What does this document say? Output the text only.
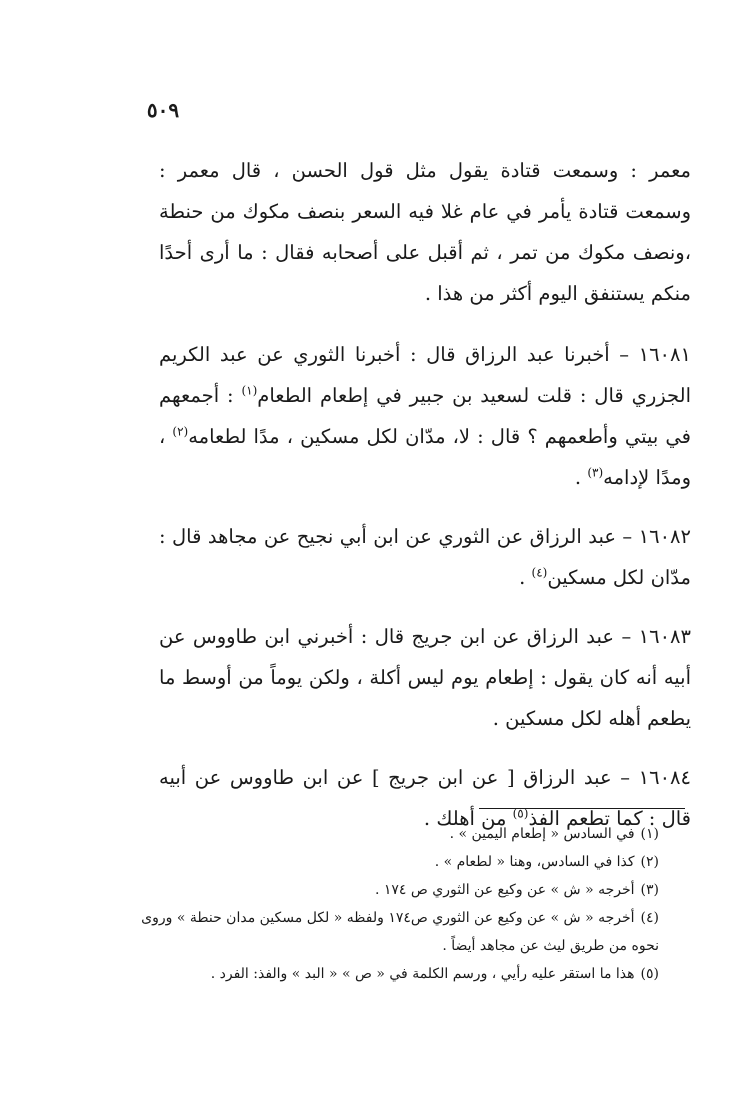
٥٠٩

معمر : وسمعت قتادة يقول مثل قول الحسن ، قال معمر : وسمعت قتادة يأمر في عام غلا فيه السعر بنصف مكوك من حنطة ،ونصف مكوك من تمر ، ثم أقبل على أصحابه فقال : ما أرى أحدًا منكم يستنفق اليوم أكثر من هذا .

١٦٠٨١ – أخبرنا عبد الرزاق قال : أخبرنا الثوري عن عبد الكريم الجزري قال : قلت لسعيد بن جبير في إطعام الطعام$^{(١)}$ : أجمعهم في بيتي وأطعمهم ؟ قال : لا، مدّان لكل مسكين ، مدًا لطعامه$^{(٢)}$ ، ومدًا لإدامه$^{(٣)}$ .

١٦٠٨٢ – عبد الرزاق عن الثوري عن ابن أبي نجيح عن مجاهد قال : مدّان لكل مسكين$^{(٤)}$ .

١٦٠٨٣ – عبد الرزاق عن ابن جريج قال : أخبرني ابن طاووس عن أبيه أنه كان يقول : إطعام يوم ليس أكلة ، ولكن يوماً من أوسط ما يطعم أهله لكل مسكين .

١٦٠٨٤ – عبد الرزاق [ عن ابن جريج ] عن ابن طاووس عن أبيه قال : كما تطعم الفذ$^{(٥)}$ من أهلك .

(١)في السادس « إطعام اليمين » .

(٢)كذا في السادس، وهنا « لطعام » .

(٣)أخرجه « ش » عن وكيع عن الثوري ص ١٧٤ .

(٤)أخرجه « ش » عن وكيع عن الثوري ص١٧٤ ولفظه « لكل مسكين مدان حنطة » وروى نحوه من طريق ليث عن مجاهد أيضاً .

(٥)هذا ما استقر عليه رأيي ، ورسم الكلمة في « ص » « البد » والفذ: الفرد .
